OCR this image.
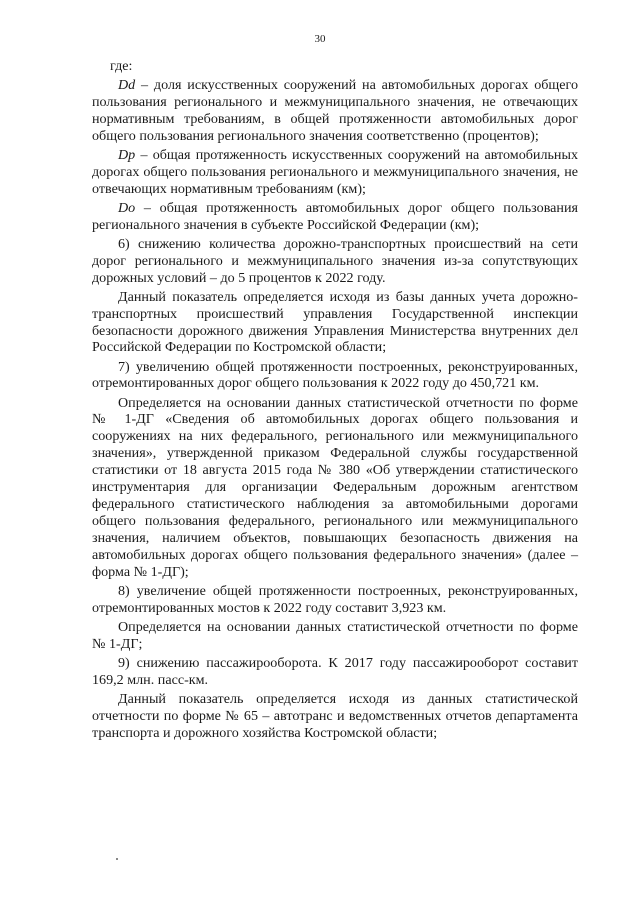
30

где:

Dd – доля искусственных сооружений на автомобильных дорогах общего пользования регионального и межмуниципального значения, не отвечающих нормативным требованиям, в общей протяженности автомобильных дорог общего пользования регионального значения соответственно (процентов);

Dp – общая протяженность искусственных сооружений на автомобильных дорогах общего пользования регионального и межмуниципального значения, не отвечающих нормативным требованиям (км);

Do – общая протяженность автомобильных дорог общего пользования регионального значения в субъекте Российской Федерации (км);

6) снижению количества дорожно-транспортных происшествий на сети дорог регионального и межмуниципального значения из-за сопутствующих дорожных условий – до 5 процентов к 2022 году.

Данный показатель определяется исходя из базы данных учета дорожно-транспортных происшествий управления Государственной инспекции безопасности дорожного движения Управления Министерства внутренних дел Российской Федерации по Костромской области;

7) увеличению общей протяженности построенных, реконструированных, отремонтированных дорог общего пользования к 2022 году до 450,721 км.

Определяется на основании данных статистической отчетности по форме № 1-ДГ «Сведения об автомобильных дорогах общего пользования и сооружениях на них федерального, регионального или межмуниципального значения», утвержденной приказом Федеральной службы государственной статистики от 18 августа 2015 года № 380 «Об утверждении статистического инструментария для организации Федеральным дорожным агентством федерального статистического наблюдения за автомобильными дорогами общего пользования федерального, регионального или межмуниципального значения, наличием объектов, повышающих безопасность движения на автомобильных дорогах общего пользования федерального значения» (далее – форма № 1-ДГ);

8) увеличение общей протяженности построенных, реконструированных, отремонтированных мостов к 2022 году составит 3,923 км.

Определяется на основании данных статистической отчетности по форме № 1-ДГ;

9) снижению пассажирооборота. К 2017 году пассажирооборот составит 169,2 млн. пасс-км.

Данный показатель определяется исходя из данных статистической отчетности по форме № 65 – автотранс и ведомственных отчетов департамента транспорта и дорожного хозяйства Костромской области;
